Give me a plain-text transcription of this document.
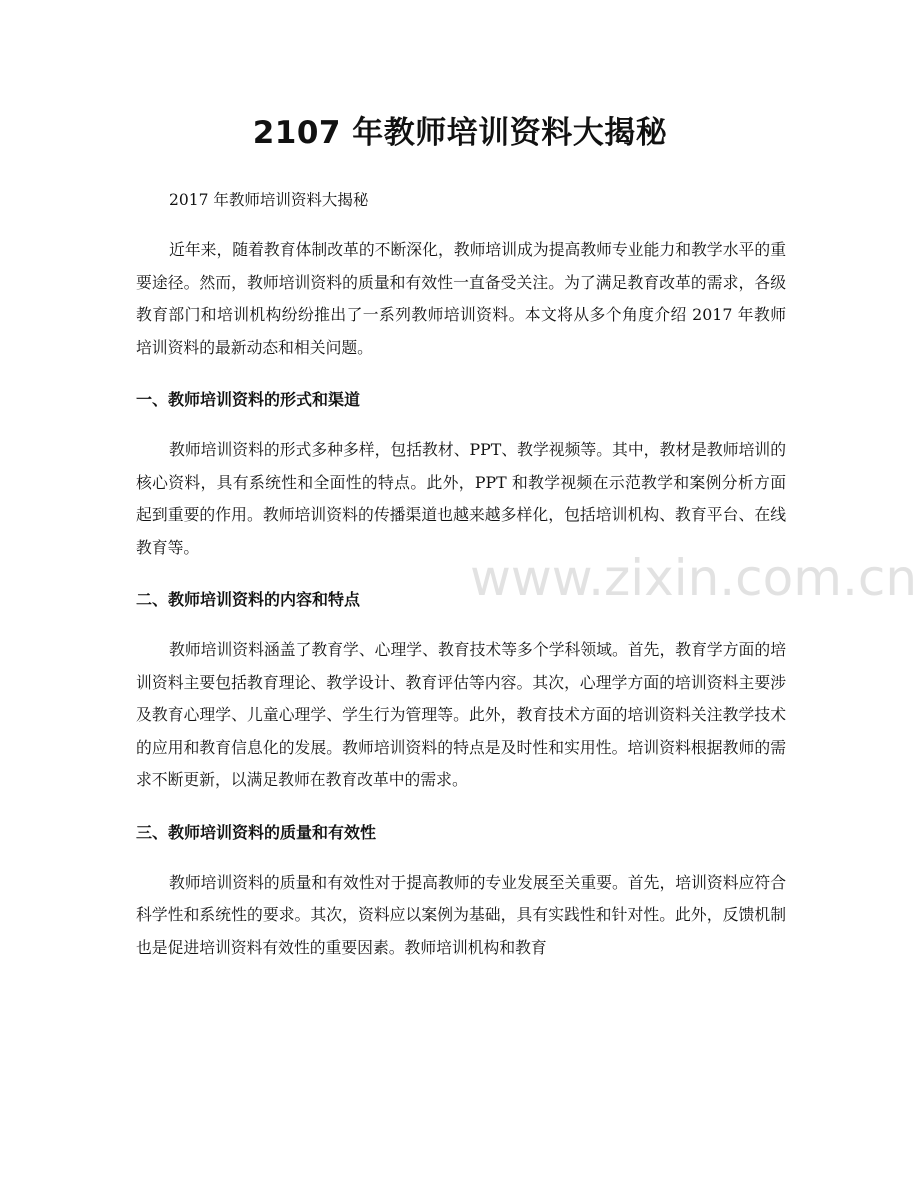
2107 年教师培训资料大揭秘

2017 年教师培训资料大揭秘

近年来，随着教育体制改革的不断深化，教师培训成为提高教师专业能力和教学水平的重要途径。然而，教师培训资料的质量和有效性一直备受关注。为了满足教育改革的需求，各级教育部门和培训机构纷纷推出了一系列教师培训资料。本文将从多个角度介绍 2017 年教师培训资料的最新动态和相关问题。

一、教师培训资料的形式和渠道

教师培训资料的形式多种多样，包括教材、PPT、教学视频等。其中，教材是教师培训的核心资料，具有系统性和全面性的特点。此外，PPT 和教学视频在示范教学和案例分析方面起到重要的作用。教师培训资料的传播渠道也越来越多样化，包括培训机构、教育平台、在线教育等。

二、教师培训资料的内容和特点

教师培训资料涵盖了教育学、心理学、教育技术等多个学科领域。首先，教育学方面的培训资料主要包括教育理论、教学设计、教育评估等内容。其次，心理学方面的培训资料主要涉及教育心理学、儿童心理学、学生行为管理等。此外，教育技术方面的培训资料关注教学技术的应用和教育信息化的发展。教师培训资料的特点是及时性和实用性。培训资料根据教师的需求不断更新，以满足教师在教育改革中的需求。

三、教师培训资料的质量和有效性

教师培训资料的质量和有效性对于提高教师的专业发展至关重要。首先，培训资料应符合科学性和系统性的要求。其次，资料应以案例为基础，具有实践性和针对性。此外，反馈机制也是促进培训资料有效性的重要因素。教师培训机构和教育

www.zixin.com.cn
